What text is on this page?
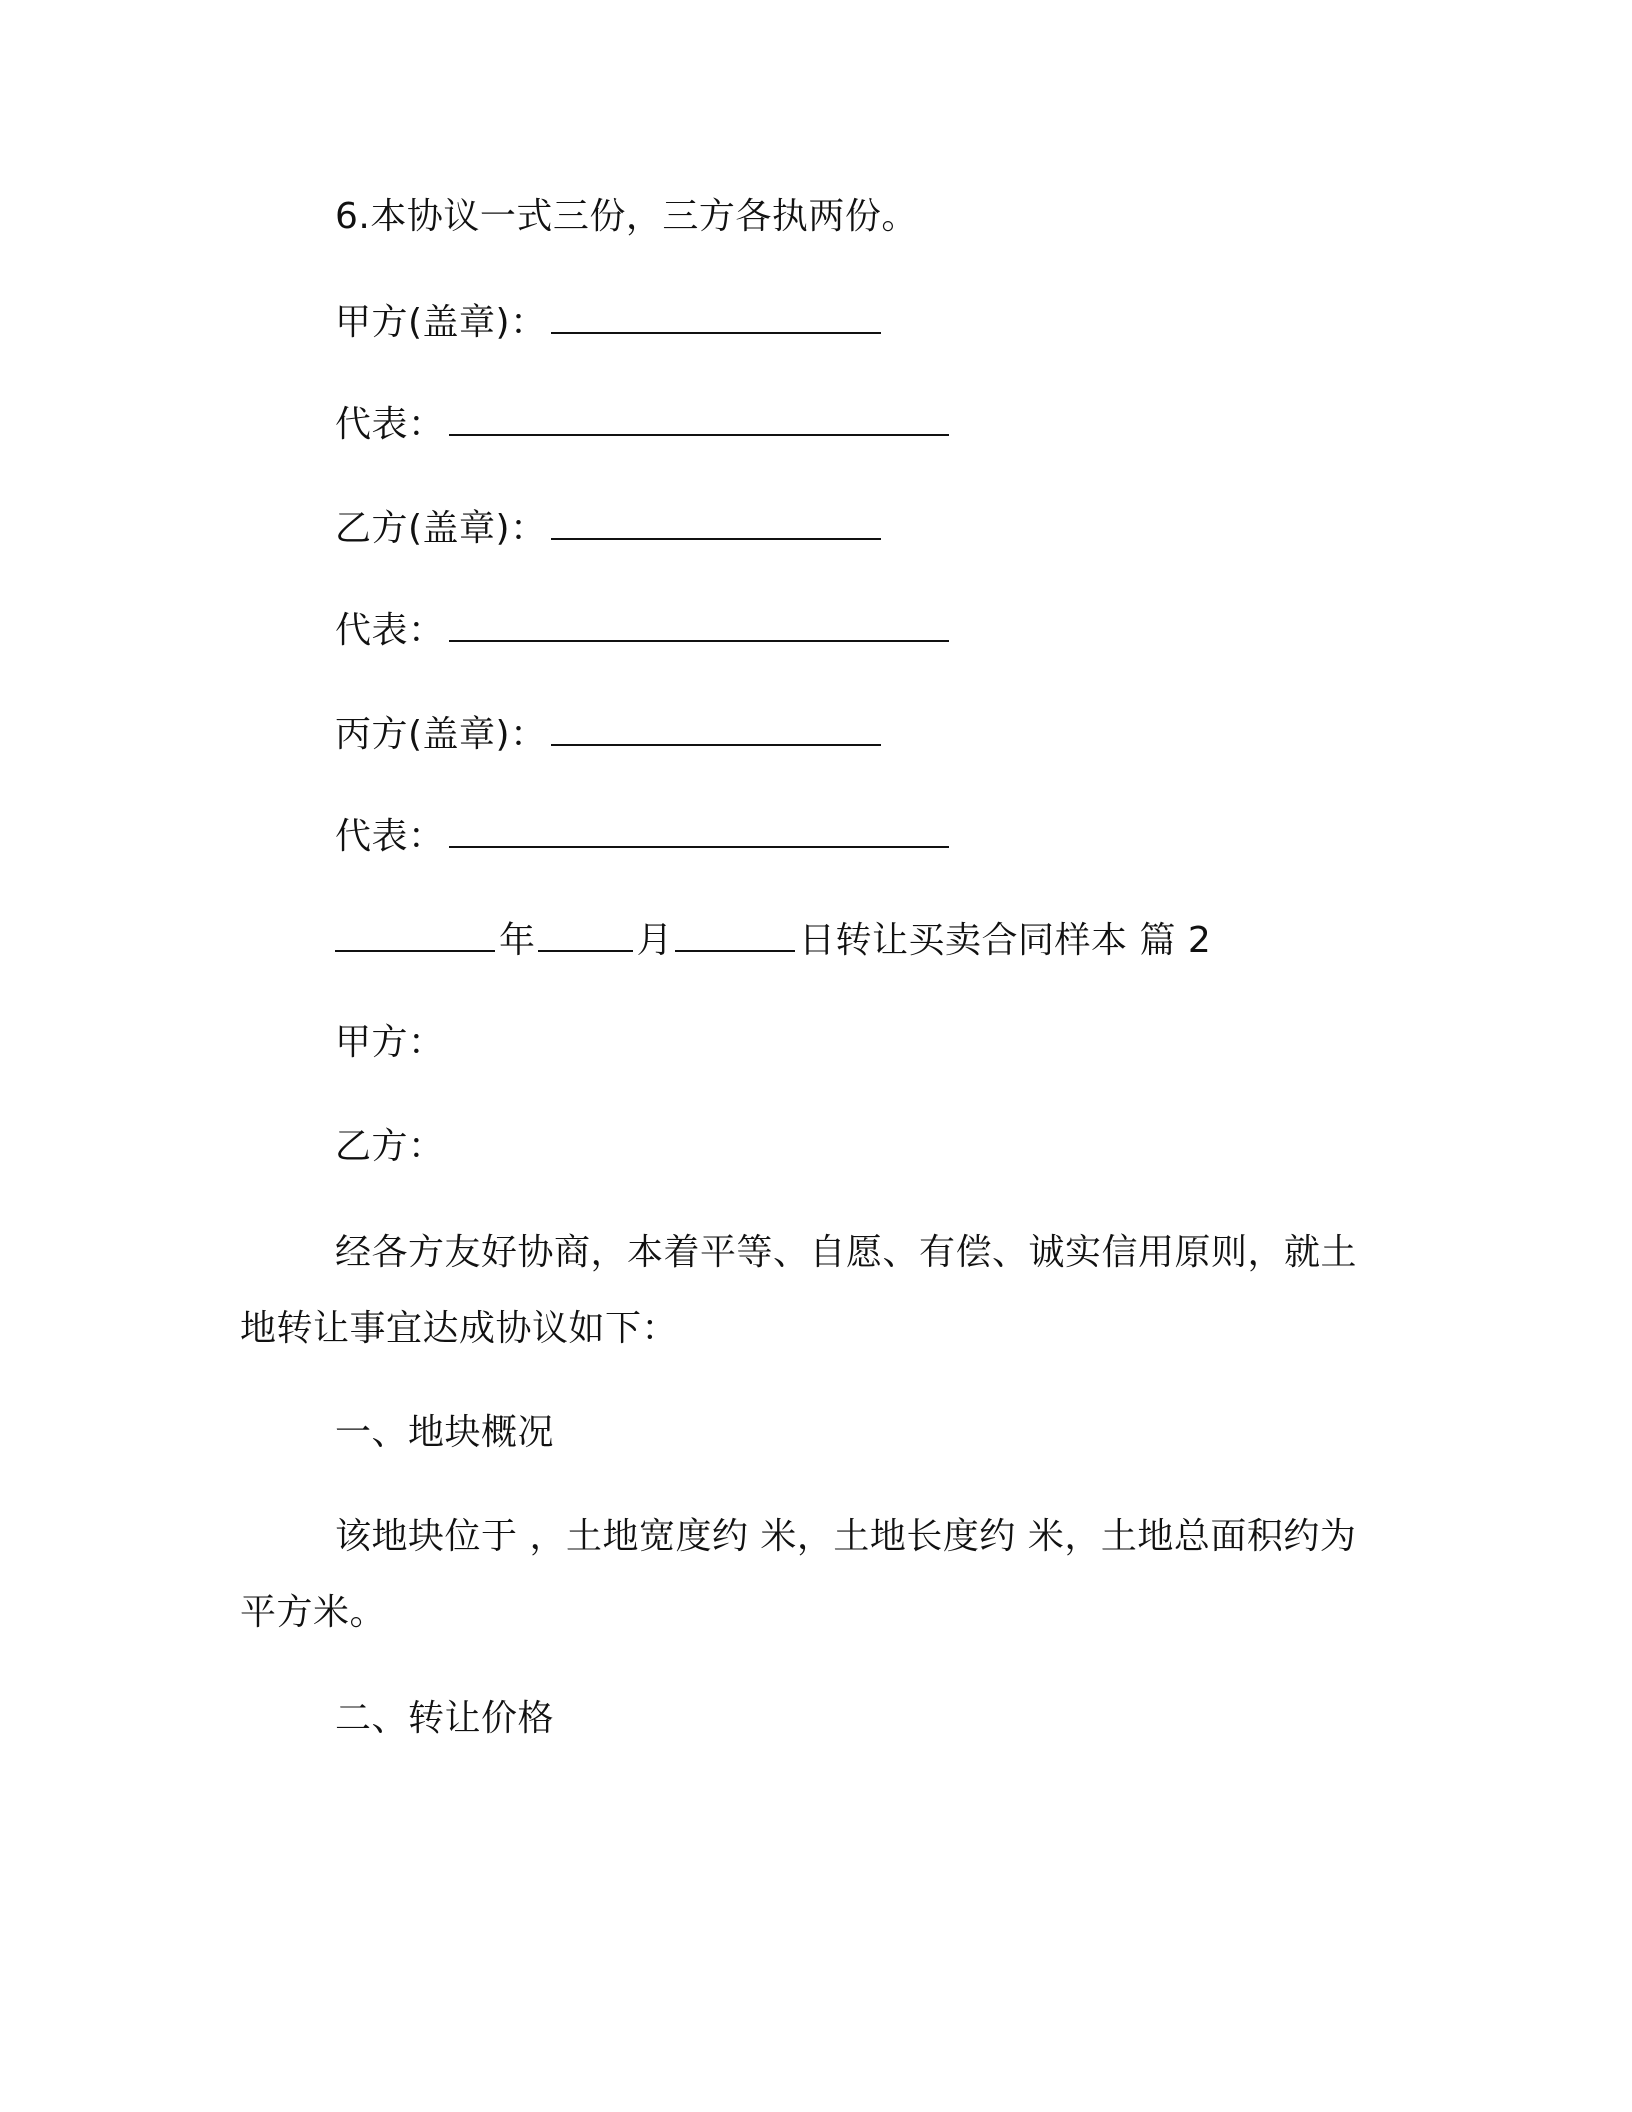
6.本协议一式三份，三方各执两份。
甲方(盖章)：
代表：
乙方(盖章)：
代表：
丙方(盖章)：
代表：
年	月	日转让买卖合同样本 篇 2
甲方：
乙方：
经各方友好协商，本着平等、自愿、有偿、诚实信用原则，就土
地转让事宜达成协议如下：
一、地块概况
该地块位于 ，土地宽度约 米，土地长度约 米，土地总面积约为
平方米。
二、转让价格
